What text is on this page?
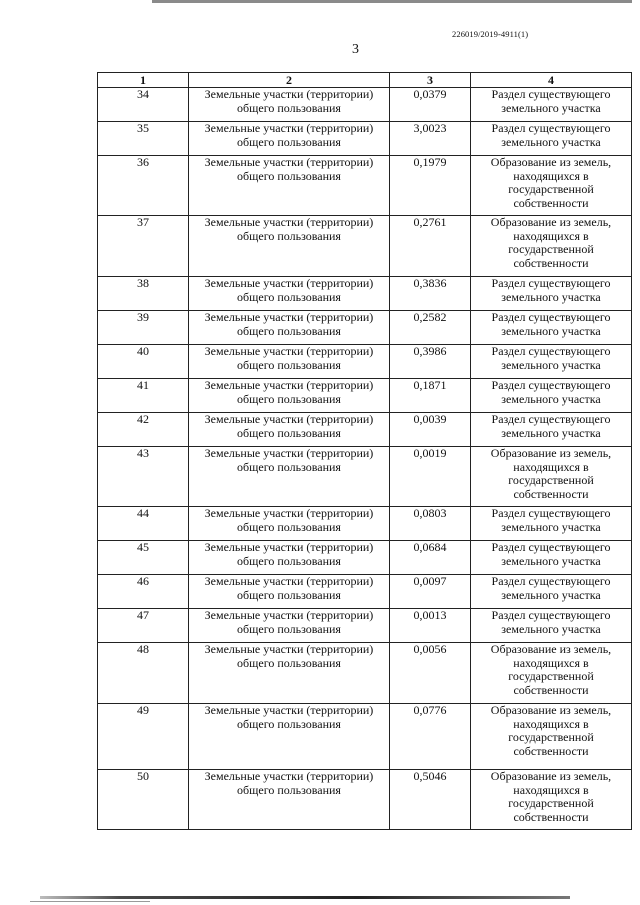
226019/2019-4911(1)
3
1	2	3	4
34	Земельные участки (территории) общего пользования	0,0379	Раздел существующего земельного участка
35	Земельные участки (территории) общего пользования	3,0023	Раздел существующего земельного участка
36	Земельные участки (территории) общего пользования	0,1979	Образование из земель, находящихся в государственной собственности
37	Земельные участки (территории) общего пользования	0,2761	Образование из земель, находящихся в государственной собственности
38	Земельные участки (территории) общего пользования	0,3836	Раздел существующего земельного участка
39	Земельные участки (территории) общего пользования	0,2582	Раздел существующего земельного участка
40	Земельные участки (территории) общего пользования	0,3986	Раздел существующего земельного участка
41	Земельные участки (территории) общего пользования	0,1871	Раздел существующего земельного участка
42	Земельные участки (территории) общего пользования	0,0039	Раздел существующего земельного участка
43	Земельные участки (территории) общего пользования	0,0019	Образование из земель, находящихся в государственной собственности
44	Земельные участки (территории) общего пользования	0,0803	Раздел существующего земельного участка
45	Земельные участки (территории) общего пользования	0,0684	Раздел существующего земельного участка
46	Земельные участки (территории) общего пользования	0,0097	Раздел существующего земельного участка
47	Земельные участки (территории) общего пользования	0,0013	Раздел существующего земельного участка
48	Земельные участки (территории) общего пользования	0,0056	Образование из земель, находящихся в государственной собственности
49	Земельные участки (территории) общего пользования	0,0776	Образование из земель, находящихся в государственной собственности
50	Земельные участки (территории) общего пользования	0,5046	Образование из земель, находящихся в государственной собственности
